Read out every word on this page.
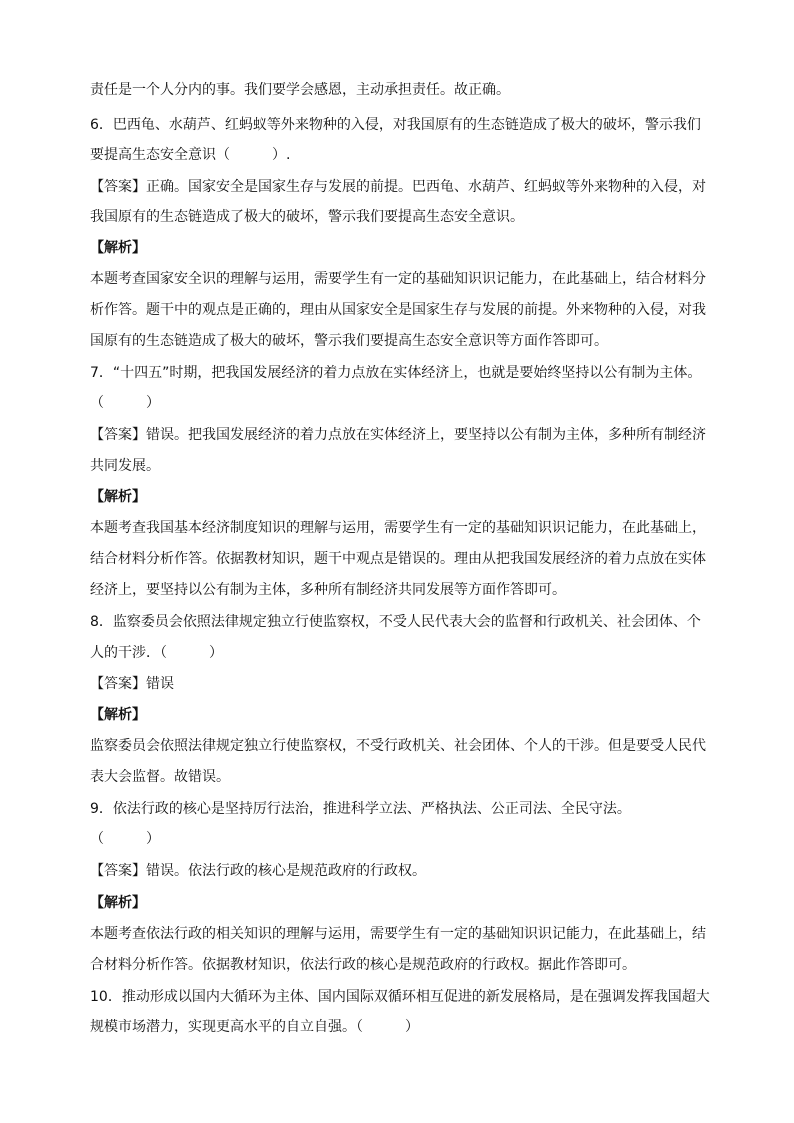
责任是一个人分内的事。我们要学会感恩，主动承担责任。故正确。
6．巴西龟、水葫芦、红蚂蚁等外来物种的入侵，对我国原有的生态链造成了极大的破坏，警示我们
要提高生态安全意识（　　　）.
【答案】正确。国家安全是国家生存与发展的前提。巴西龟、水葫芦、红蚂蚁等外来物种的入侵，对
我国原有的生态链造成了极大的破坏，警示我们要提高生态安全意识。
【解析】
本题考查国家安全识的理解与运用，需要学生有一定的基础知识识记能力，在此基础上，结合材料分
析作答。题干中的观点是正确的，理由从国家安全是国家生存与发展的前提。外来物种的入侵，对我
国原有的生态链造成了极大的破坏，警示我们要提高生态安全意识等方面作答即可。
7．“十四五”时期，把我国发展经济的着力点放在实体经济上，也就是要始终坚持以公有制为主体。
（　　　）
【答案】错误。把我国发展经济的着力点放在实体经济上，要坚持以公有制为主体，多种所有制经济
共同发展。
【解析】
本题考查我国基本经济制度知识的理解与运用，需要学生有一定的基础知识识记能力，在此基础上，
结合材料分析作答。依据教材知识，题干中观点是错误的。理由从把我国发展经济的着力点放在实体
经济上，要坚持以公有制为主体，多种所有制经济共同发展等方面作答即可。
8．监察委员会依照法律规定独立行使监察权，不受人民代表大会的监督和行政机关、社会团体、个
人的干涉．（　　　）
【答案】错误
【解析】
监察委员会依照法律规定独立行使监察权，不受行政机关、社会团体、个人的干涉。但是要受人民代
表大会监督。故错误。
9．依法行政的核心是坚持厉行法治，推进科学立法、严格执法、公正司法、全民守法。
（　　　）
【答案】错误。依法行政的核心是规范政府的行政权。
【解析】
本题考查依法行政的相关知识的理解与运用，需要学生有一定的基础知识识记能力，在此基础上，结
合材料分析作答。依据教材知识，依法行政的核心是规范政府的行政权。据此作答即可。
10．推动形成以国内大循环为主体、国内国际双循环相互促进的新发展格局，是在强调发挥我国超大
规模市场潜力，实现更高水平的自立自强。（　　　）
